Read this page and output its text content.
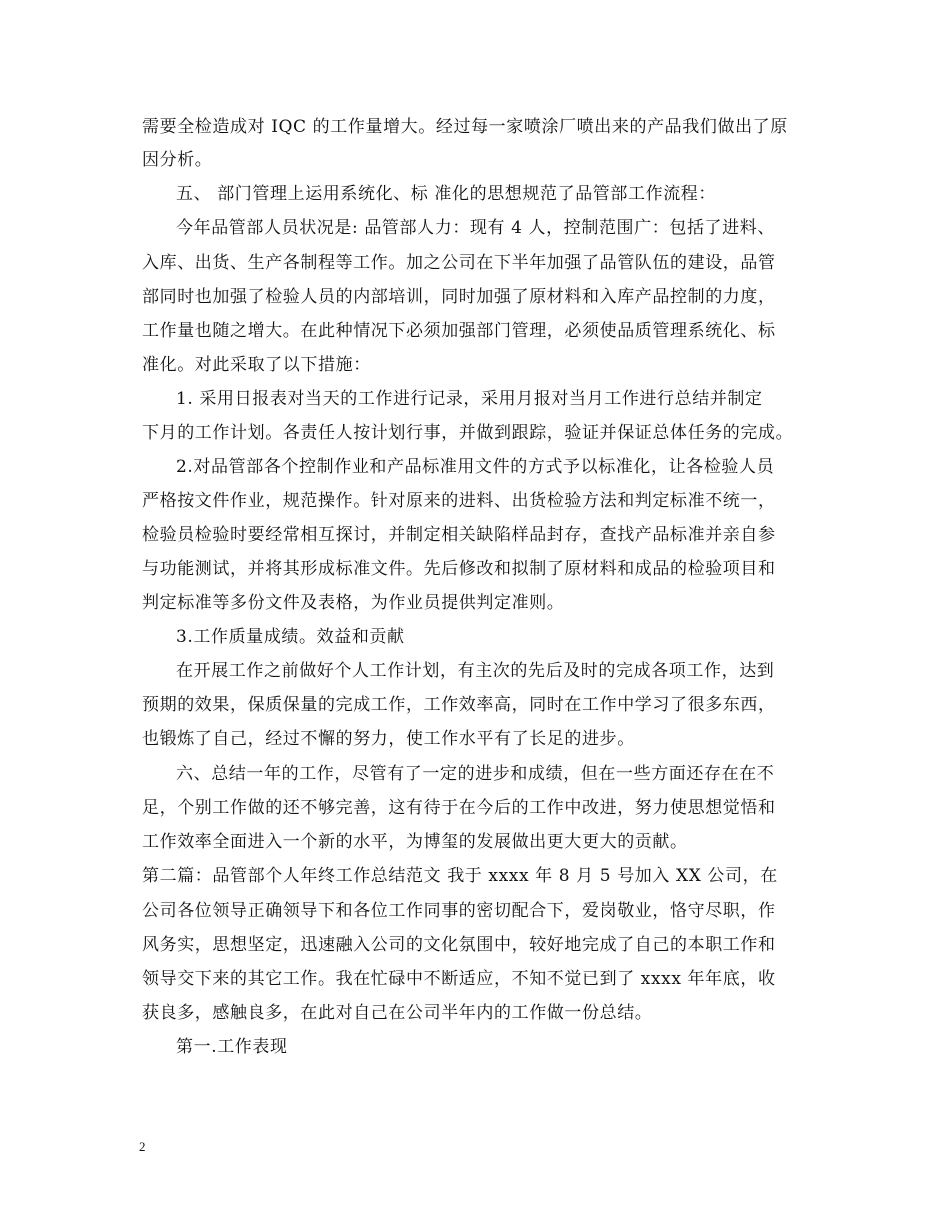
需要全检造成对 IQC 的工作量增大。经过每一家喷涂厂喷出来的产品我们做出了原
因分析。
五、 部门管理上运用系统化、标 准化的思想规范了品管部工作流程：
今年品管部人员状况是: 品管部人力：现有 4 人，控制范围广：包括了进料、
入库、出货、生产各制程等工作。加之公司在下半年加强了品管队伍的建设，品管
部同时也加强了检验人员的内部培训，同时加强了原材料和入库产品控制的力度，
工作量也随之增大。在此种情况下必须加强部门管理，必须使品质管理系统化、标
准化。对此采取了以下措施：
1. 采用日报表对当天的工作进行记录，采用月报对当月工作进行总结并制定
下月的工作计划。各责任人按计划行事，并做到跟踪，验证并保证总体任务的完成。
2.对品管部各个控制作业和产品标准用文件的方式予以标准化，让各检验人员
严格按文件作业，规范操作。针对原来的进料、出货检验方法和判定标准不统一，
检验员检验时要经常相互探讨，并制定相关缺陷样品封存，查找产品标准并亲自参
与功能测试，并将其形成标准文件。先后修改和拟制了原材料和成品的检验项目和
判定标准等多份文件及表格，为作业员提供判定准则。
3.工作质量成绩。效益和贡献
在开展工作之前做好个人工作计划，有主次的先后及时的完成各项工作，达到
预期的效果，保质保量的完成工作，工作效率高，同时在工作中学习了很多东西，
也锻炼了自己，经过不懈的努力，使工作水平有了长足的进步。
六、总结一年的工作，尽管有了一定的进步和成绩，但在一些方面还存在在不
足，个别工作做的还不够完善，这有待于在今后的工作中改进，努力使思想觉悟和
工作效率全面进入一个新的水平，为博玺的发展做出更大更大的贡献。
第二篇：品管部个人年终工作总结范文 我于 xxxx 年 8 月 5 号加入 XX 公司，在
公司各位领导正确领导下和各位工作同事的密切配合下，爱岗敬业，恪守尽职，作
风务实，思想坚定，迅速融入公司的文化氛围中，较好地完成了自己的本职工作和
领导交下来的其它工作。我在忙碌中不断适应，不知不觉已到了 xxxx 年年底，收
获良多，感触良多，在此对自己在公司半年内的工作做一份总结。
第一.工作表现
2
